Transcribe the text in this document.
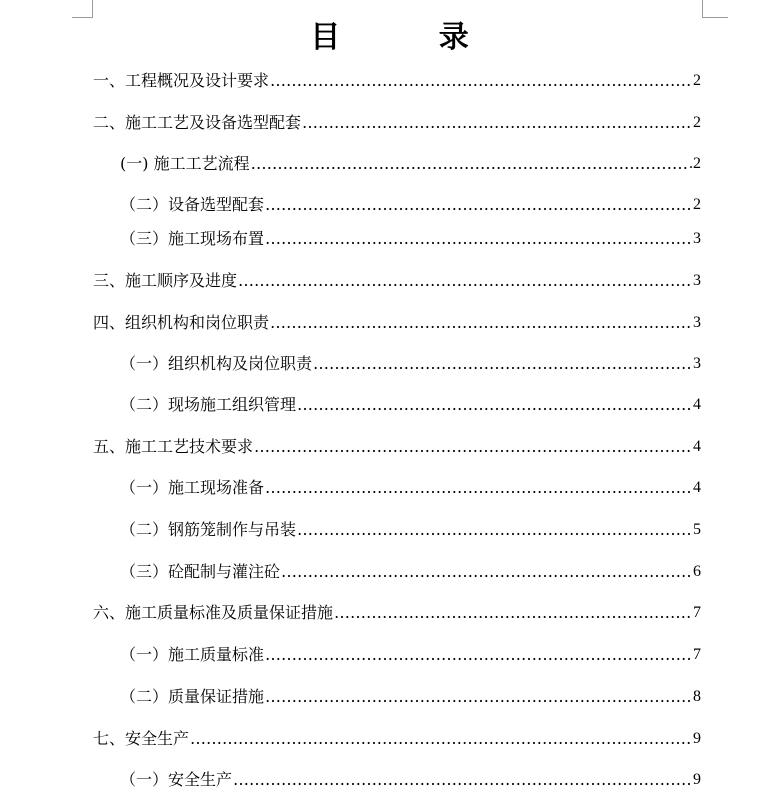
目 录
一、工程概况及设计要求 ……………………………………………………………………………………………………………………………………………………	2
二、施工工艺及设备选型配套 ……………………………………………………………………………………………………………………………………………………	2
(一) 施工工艺流程 ……………………………………………………………………………………………………………………………………………………	.2
（二）设备选型配套 ……………………………………………………………………………………………………………………………………………………	2
（三）施工现场布置 ……………………………………………………………………………………………………………………………………………………	3
三、施工顺序及进度 ……………………………………………………………………………………………………………………………………………………	3
四、组织机构和岗位职责 ……………………………………………………………………………………………………………………………………………………	3
（一）组织机构及岗位职责 ……………………………………………………………………………………………………………………………………………………	3
（二）现场施工组织管理 ……………………………………………………………………………………………………………………………………………………	4
五、施工工艺技术要求 ……………………………………………………………………………………………………………………………………………………	4
（一）施工现场准备 ……………………………………………………………………………………………………………………………………………………	4
（二）钢筋笼制作与吊装 ……………………………………………………………………………………………………………………………………………………	5
（三）砼配制与灌注砼 ……………………………………………………………………………………………………………………………………………………	6
六、施工质量标准及质量保证措施 ……………………………………………………………………………………………………………………………………………………	7
（一）施工质量标准 ……………………………………………………………………………………………………………………………………………………	7
（二）质量保证措施 ……………………………………………………………………………………………………………………………………………………	8
七、安全生产 ……………………………………………………………………………………………………………………………………………………	9
（一）安全生产 ……………………………………………………………………………………………………………………………………………………	9
